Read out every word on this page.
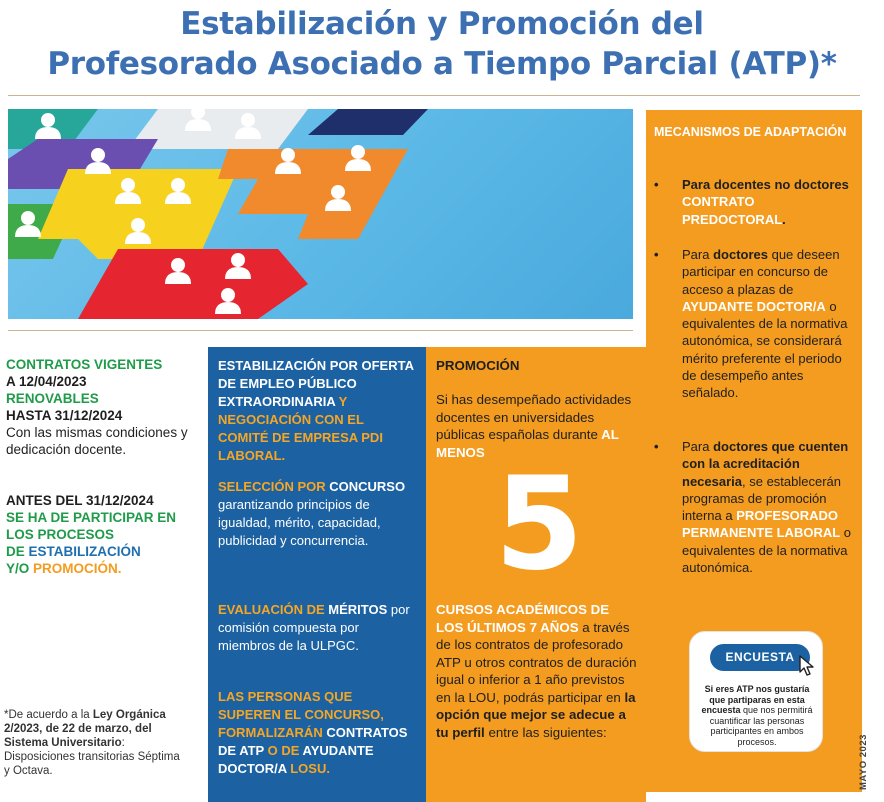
Estabilización y Promoción del
Profesorado Asociado a Tiempo Parcial (ATP)*
MECANISMOS DE ADAPTACIÓN
• Para docentes no doctores CONTRATO PREDOCTORAL.
• Para doctores que deseen participar en concurso de acceso a plazas de AYUDANTE DOCTOR/A o equivalentes de la normativa autonómica, se considerará mérito preferente el periodo de desempeño antes señalado.
• Para doctores que cuenten con la acreditación necesaria, se establecerán programas de promoción interna a PROFESORADO PERMANENTE LABORAL o equivalentes de la normativa autonómica.
CONTRATOS VIGENTES
A 12/04/2023
RENOVABLES
HASTA 31/12/2024
Con las mismas condiciones y dedicación docente.
ANTES DEL 31/12/2024
SE HA DE PARTICIPAR EN LOS PROCESOS
DE ESTABILIZACIÓN
Y/O PROMOCIÓN.
*De acuerdo a la Ley Orgánica 2/2023, de 22 de marzo, del Sistema Universitario: Disposiciones transitorias Séptima y Octava.
ESTABILIZACIÓN POR OFERTA DE EMPLEO PÚBLICO EXTRAORDINARIA Y NEGOCIACIÓN CON EL COMITÉ DE EMPRESA PDI LABORAL.
SELECCIÓN POR CONCURSO garantizando principios de igualdad, mérito, capacidad, publicidad y concurrencia.
EVALUACIÓN DE MÉRITOS por comisión compuesta por miembros de la ULPGC.
LAS PERSONAS QUE SUPEREN EL CONCURSO, FORMALIZARÁN CONTRATOS DE ATP O DE AYUDANTE DOCTOR/A LOSU.
PROMOCIÓN
Si has desempeñado actividades docentes en universidades públicas españolas durante AL MENOS 5
CURSOS ACADÉMICOS DE LOS ÚLTIMOS 7 AÑOS a través de los contratos de profesorado ATP u otros contratos de duración igual o inferior a 1 año previstos en la LOU, podrás participar en la opción que mejor se adecue a tu perfil entre las siguientes:
ENCUESTA
Si eres ATP nos gustaría que partiparas en esta encuesta que nos permitirá cuantificar las personas participantes en ambos procesos.	MAYO 2023
